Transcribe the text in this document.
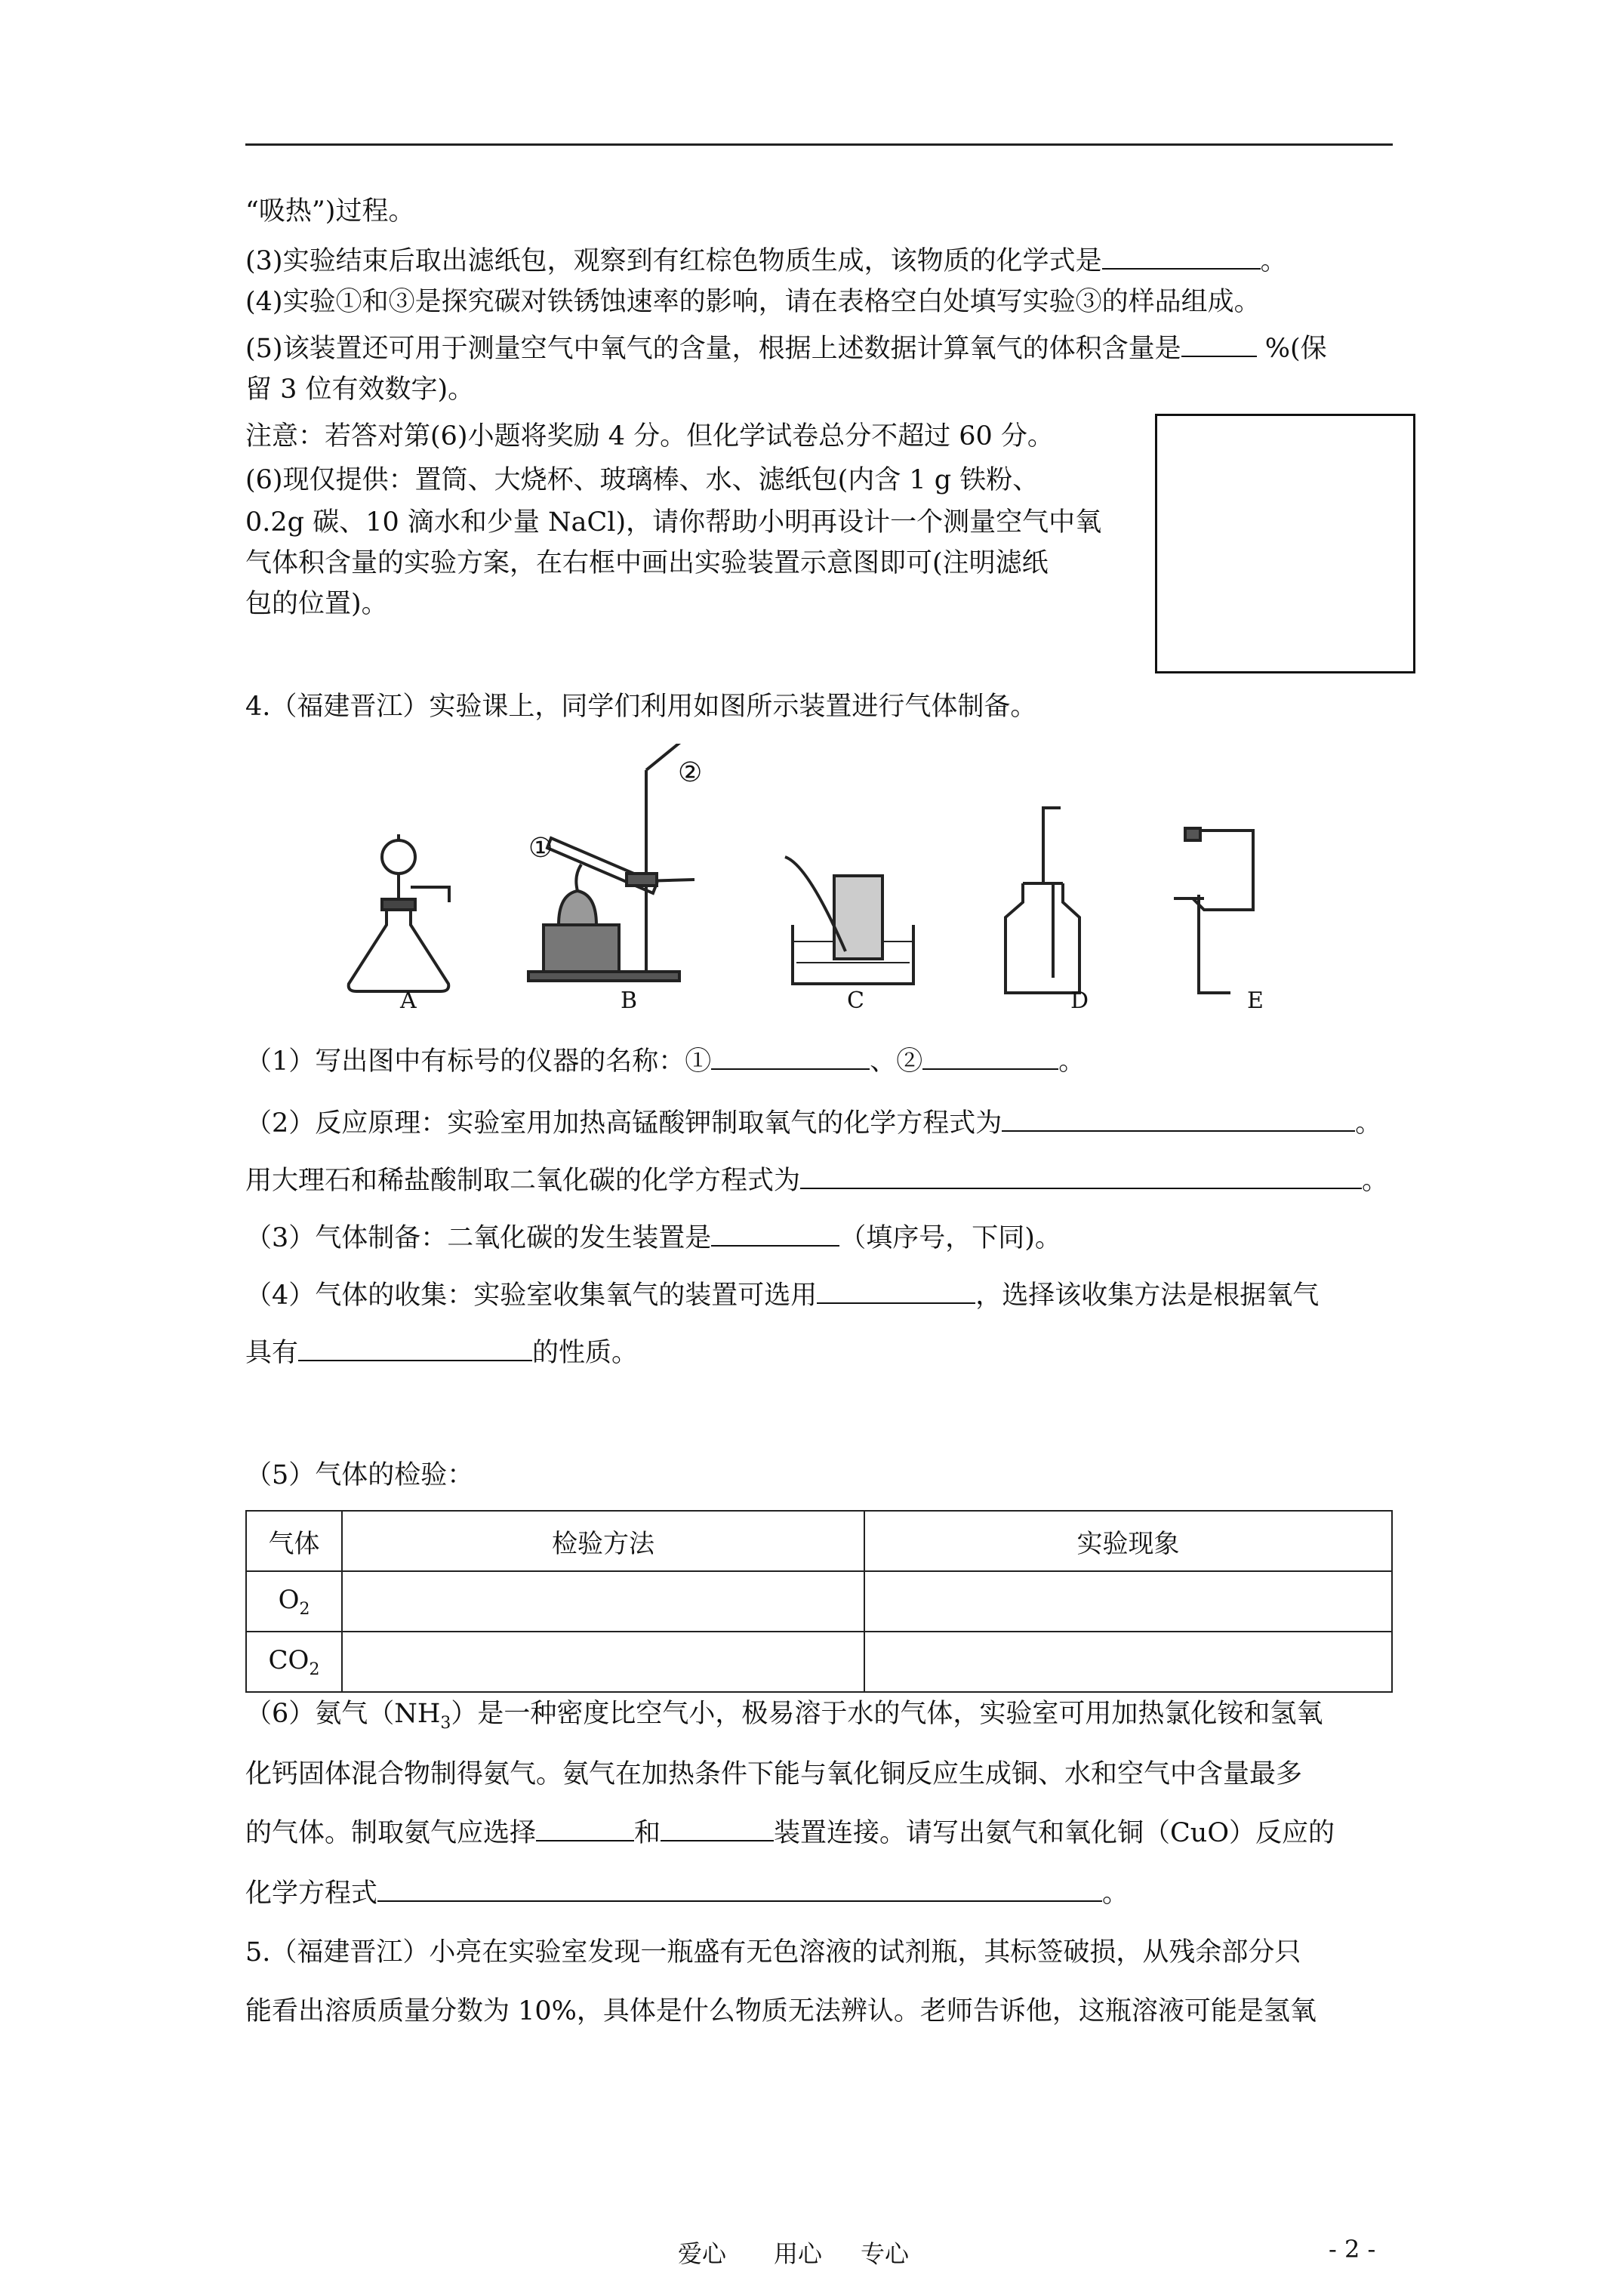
“吸热”)过程。
(3)实验结束后取出滤纸包，观察到有红棕色物质生成，该物质的化学式是	。
(4)实验①和③是探究碳对铁锈蚀速率的影响，请在表格空白处填写实验③的样品组成。
(5)该装置还可用于测量空气中氧气的含量，根据上述数据计算氧气的体积含量是	%(保
留 3 位有效数字)。
注意：若答对第(6)小题将奖励 4 分。但化学试卷总分不超过 60 分。
(6)现仅提供：置筒、大烧杯、玻璃棒、水、滤纸包(内含 1 g 铁粉、
0.2g 碳、10 滴水和少量 NaCl)，请你帮助小明再设计一个测量空气中氧
气体积含量的实验方案，在右框中画出实验装置示意图即可(注明滤纸
包的位置)。
4.（福建晋江）实验课上，同学们利用如图所示装置进行气体制备。
①
②
A	B	C	D	E
（1）写出图中有标号的仪器的名称：①	、②	。
（2）反应原理：实验室用加热高锰酸钾制取氧气的化学方程式为	。
用大理石和稀盐酸制取二氧化碳的化学方程式为	。
（3）气体制备：二氧化碳的发生装置是	（填序号，下同)。
（4）气体的收集：实验室收集氧气的装置可选用	，选择该收集方法是根据氧气
具有	的性质。
（5）气体的检验：
气体	检验方法	实验现象
$O_2$		
$CO_2$		
（6）氨气$(NH_3)$是一种密度比空气小，极易溶于水的气体，实验室可用加热氯化铵和氢氧
化钙固体混合物制得氨气。氨气在加热条件下能与氧化铜反应生成铜、水和空气中含量最多
的气体。制取氨气应选择	和	装置连接。请写出氨气和氧化铜（CuO）反应的
化学方程式	。
5.（福建晋江）小亮在实验室发现一瓶盛有无色溶液的试剂瓶，其标签破损，从残余部分只
能看出溶质质量分数为 10%，具体是什么物质无法辨认。老师告诉他，这瓶溶液可能是氢氧
爱心 用心 专心	- 2 -
